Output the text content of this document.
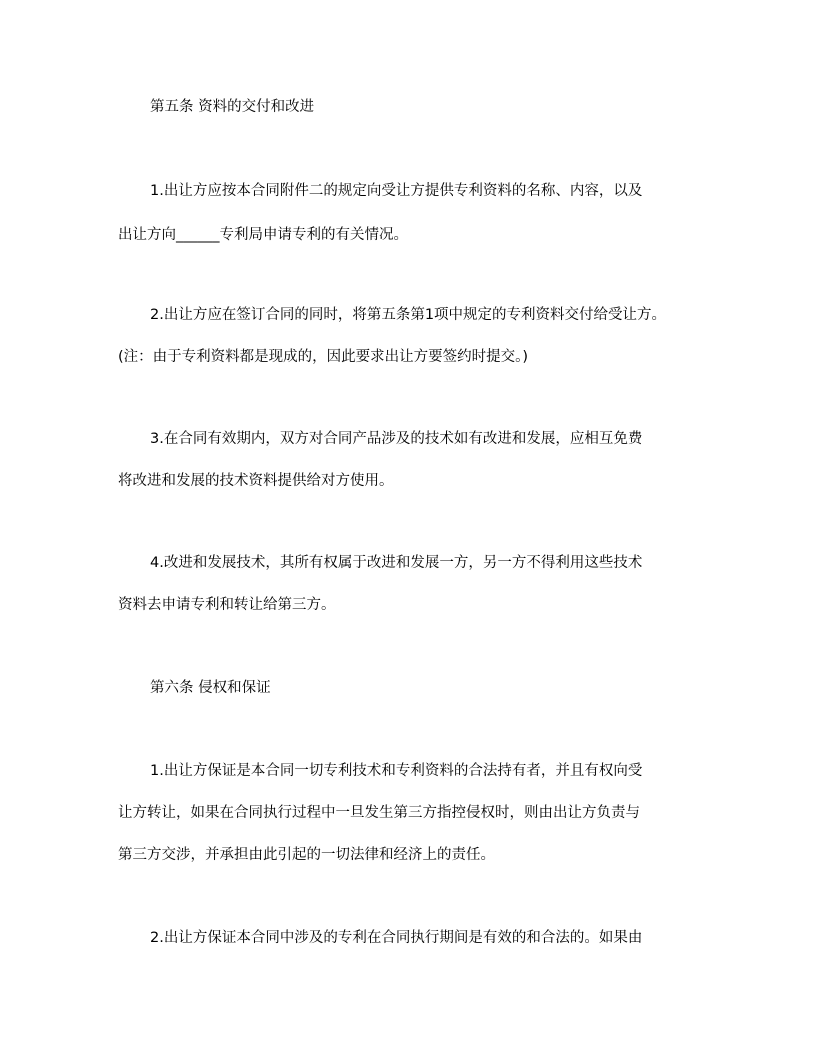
第五条 资料的交付和改进
1.出让方应按本合同附件二的规定向受让方提供专利资料的名称、内容，以及
出让方向______专利局申请专利的有关情况。
2.出让方应在签订合同的同时，将第五条第1项中规定的专利资料交付给受让方。
(注：由于专利资料都是现成的，因此要求出让方要签约时提交。)
3.在合同有效期内，双方对合同产品涉及的技术如有改进和发展，应相互免费
将改进和发展的技术资料提供给对方使用。
4.改进和发展技术，其所有权属于改进和发展一方，另一方不得利用这些技术
资料去申请专利和转让给第三方。
第六条 侵权和保证
1.出让方保证是本合同一切专利技术和专利资料的合法持有者，并且有权向受
让方转让，如果在合同执行过程中一旦发生第三方指控侵权时，则由出让方负责与
第三方交涉，并承担由此引起的一切法律和经济上的责任。
2.出让方保证本合同中涉及的专利在合同执行期间是有效的和合法的。如果由
